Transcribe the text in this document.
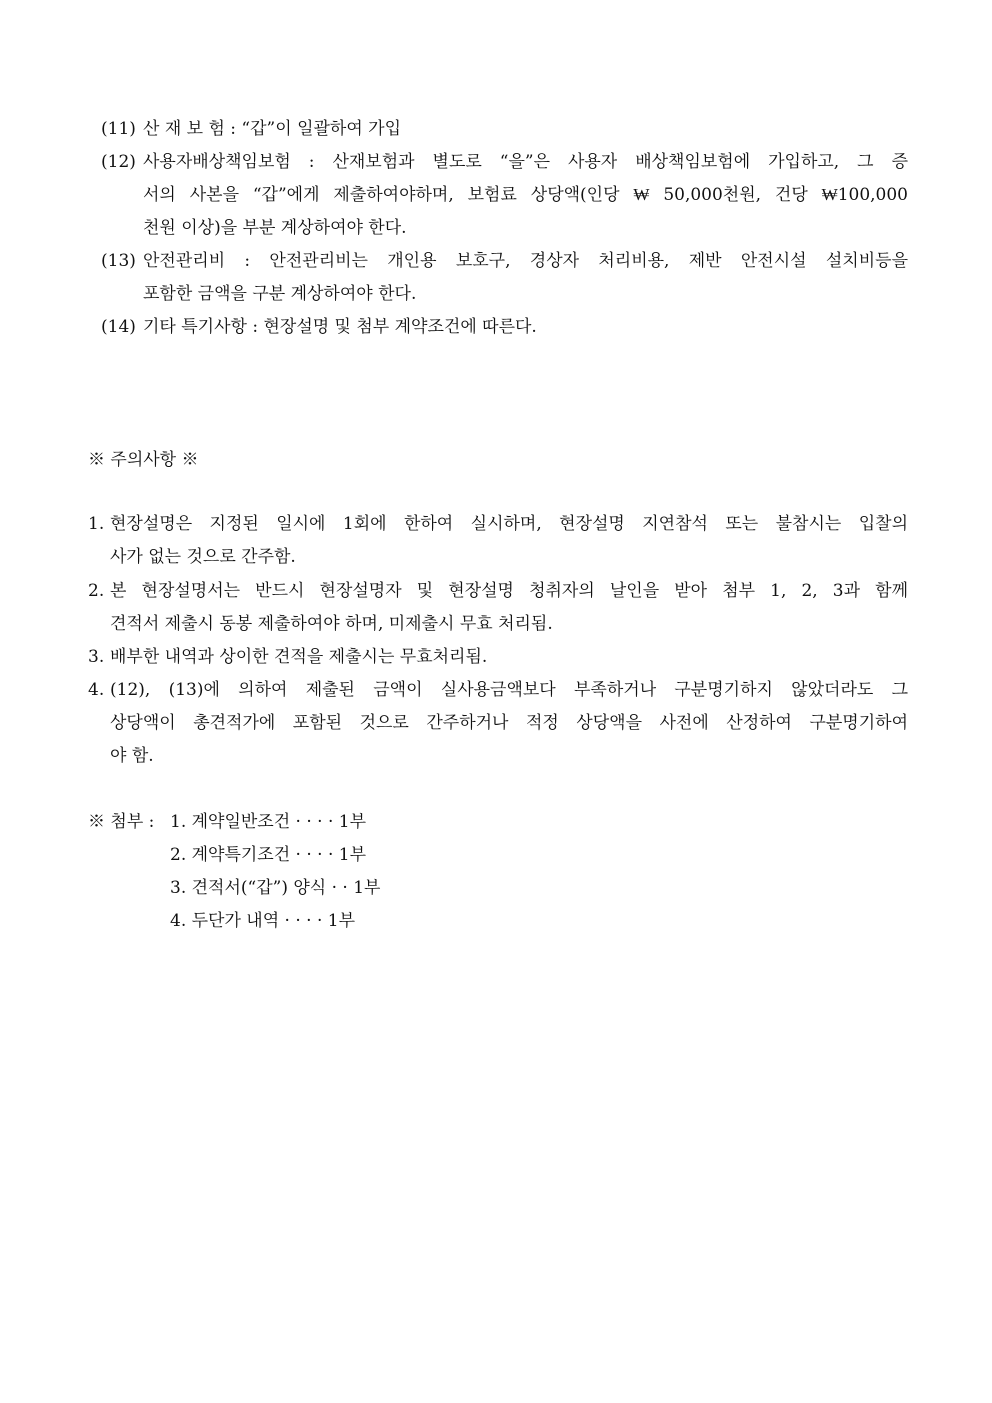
(11) 산 재 보 험 : “갑”이 일괄하여 가입
(12) 사용자배상책임보험 : 산재보험과 별도로 “을”은 사용자 배상책임보험에 가입하고, 그 증
서의 사본을 “갑”에게 제출하여야하며, 보험료 상당액(인당 ₩ 50,000천원, 건당 ₩100,000
천원 이상)을 부분 계상하여야 한다.
(13) 안전관리비 : 안전관리비는 개인용 보호구, 경상자 처리비용, 제반 안전시설 설치비등을
포함한 금액을 구분 계상하여야 한다.
(14) 기타 특기사항 : 현장설명 및 첨부 계약조건에 따른다.
※ 주의사항 ※
1. 현장설명은 지정된 일시에 1회에 한하여 실시하며, 현장설명 지연참석 또는 불참시는 입찰의
사가 없는 것으로 간주함.
2. 본 현장설명서는 반드시 현장설명자 및 현장설명 청취자의 날인을 받아 첨부 1, 2, 3과 함께
견적서 제출시 동봉 제출하여야 하며, 미제출시 무효 처리됨.
3. 배부한 내역과 상이한 견적을 제출시는 무효처리됨.
4. (12), (13)에 의하여 제출된 금액이 실사용금액보다 부족하거나 구분명기하지 않았더라도 그
상당액이 총견적가에 포함된 것으로 간주하거나 적정 상당액을 사전에 산정하여 구분명기하여
야 함.
※ 첨부 : 1. 계약일반조건 · · · · 1부
2. 계약특기조건 · · · · 1부
3. 견적서(“갑”) 양식 · · 1부
4. 두단가 내역 · · · · 1부
